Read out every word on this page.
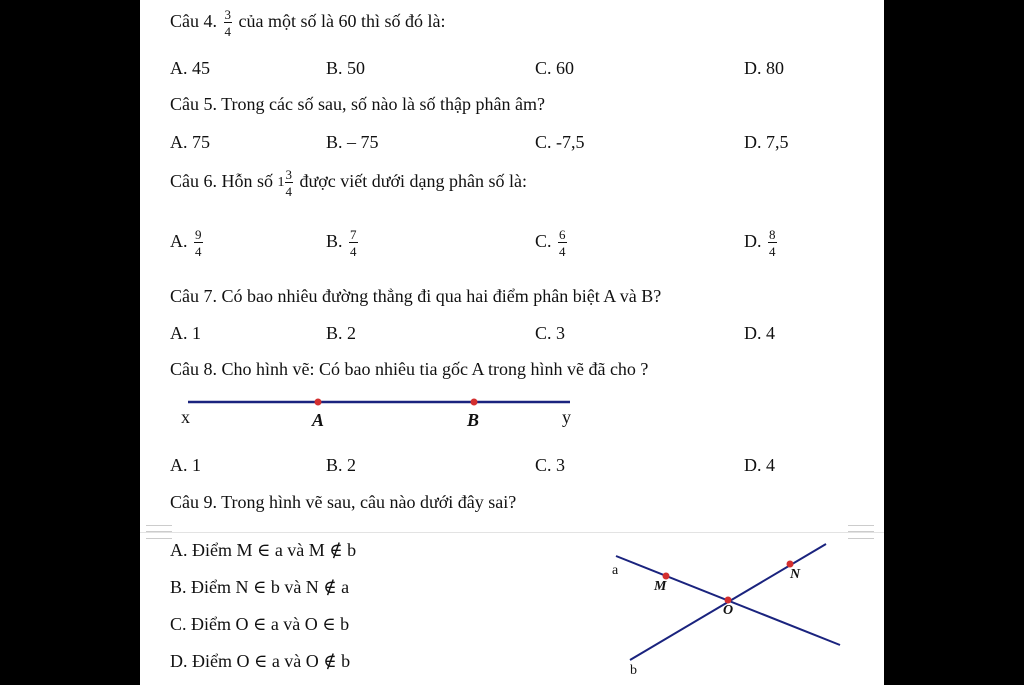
Câu 4. $\frac{3}{4}$ của một số là 60 thì số đó là:
A. 45	B. 50	C. 60	D. 80
Câu 5. Trong các số sau, số nào là số thập phân âm?
A. 75	B. – 75	C. -7,5	D. 7,5
Câu 6. Hỗn số $1 \frac{3}{4}$ được viết dưới dạng phân số là:
A. $\frac{9}{4}$	B. $\frac{7}{4}$	C. $\frac{6}{4}$	D. $\frac{8}{4}$
Câu 7. Có bao nhiêu đường thẳng đi qua hai điểm phân biệt A và B?
A. 1	B. 2	C. 3	D. 4
Câu 8. Cho hình vẽ: Có bao nhiêu tia gốc A trong hình vẽ đã cho ?
x	A	B	y
A. 1	B. 2	C. 3	D. 4
Câu 9. Trong hình vẽ sau, câu nào dưới đây sai?
A. Điểm M ∈ a và M ∉ b
B. Điểm N ∈ b và N ∉ a
C. Điểm O ∈ a và O ∈ b
D. Điểm O ∈ a và O ∉ b
a
b
M
N
O
